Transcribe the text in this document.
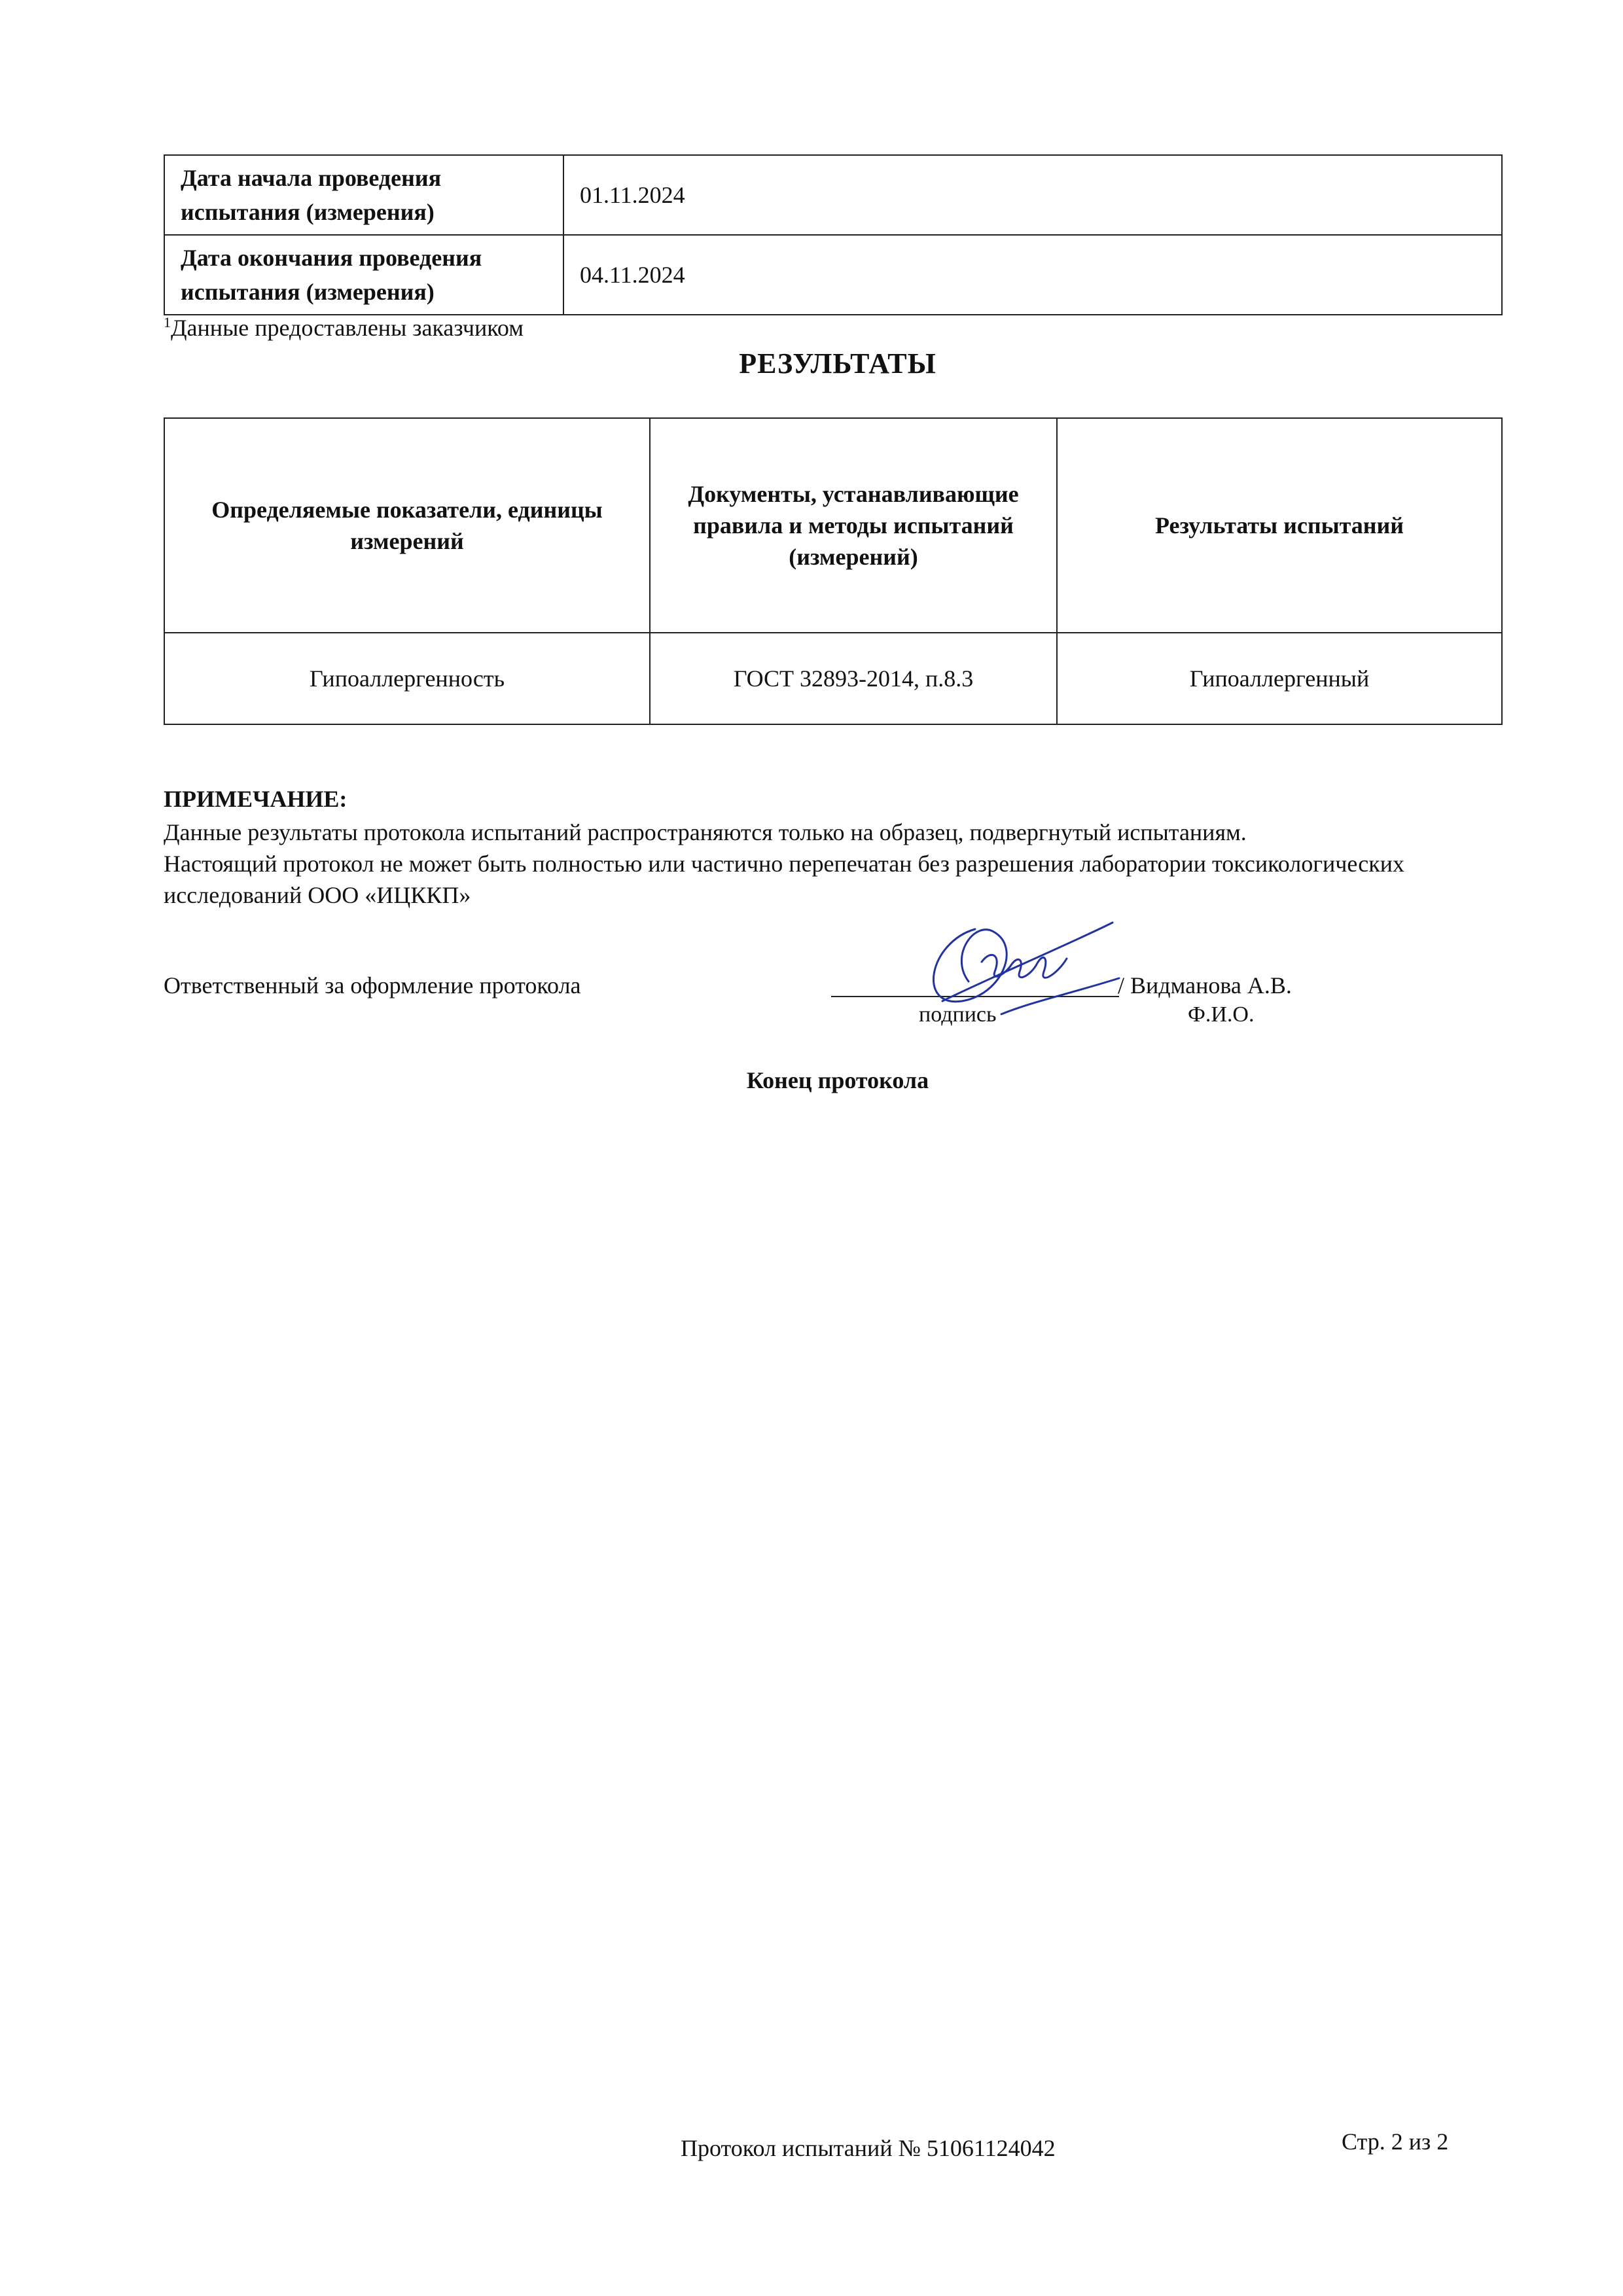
Дата начала проведения испытания (измерения)	01.11.2024
Дата окончания проведения испытания (измерения)	04.11.2024
$^1$Данные предоставлены заказчиком
РЕЗУЛЬТАТЫ
Определяемые показатели, единицы измерений	Документы, устанавливающие правила и методы испытаний (измерений)	Результаты испытаний
Гипоаллергенность	ГОСТ 32893-2014, п.8.3	Гипоаллергенный
ПРИМЕЧАНИЕ:

Данные результаты протокола испытаний распространяются только на образец, подвергнутый испытаниям.

Настоящий протокол не может быть полностью или частично перепечатан без разрешения лаборатории токсикологических исследований ООО «ИЦККП»

Ответственный за оформление протокола	/ Видманова А.В.
подпись	Ф.И.О.
Конец протокола
Протокол испытаний № 51061124042	Стр. 2 из 2
